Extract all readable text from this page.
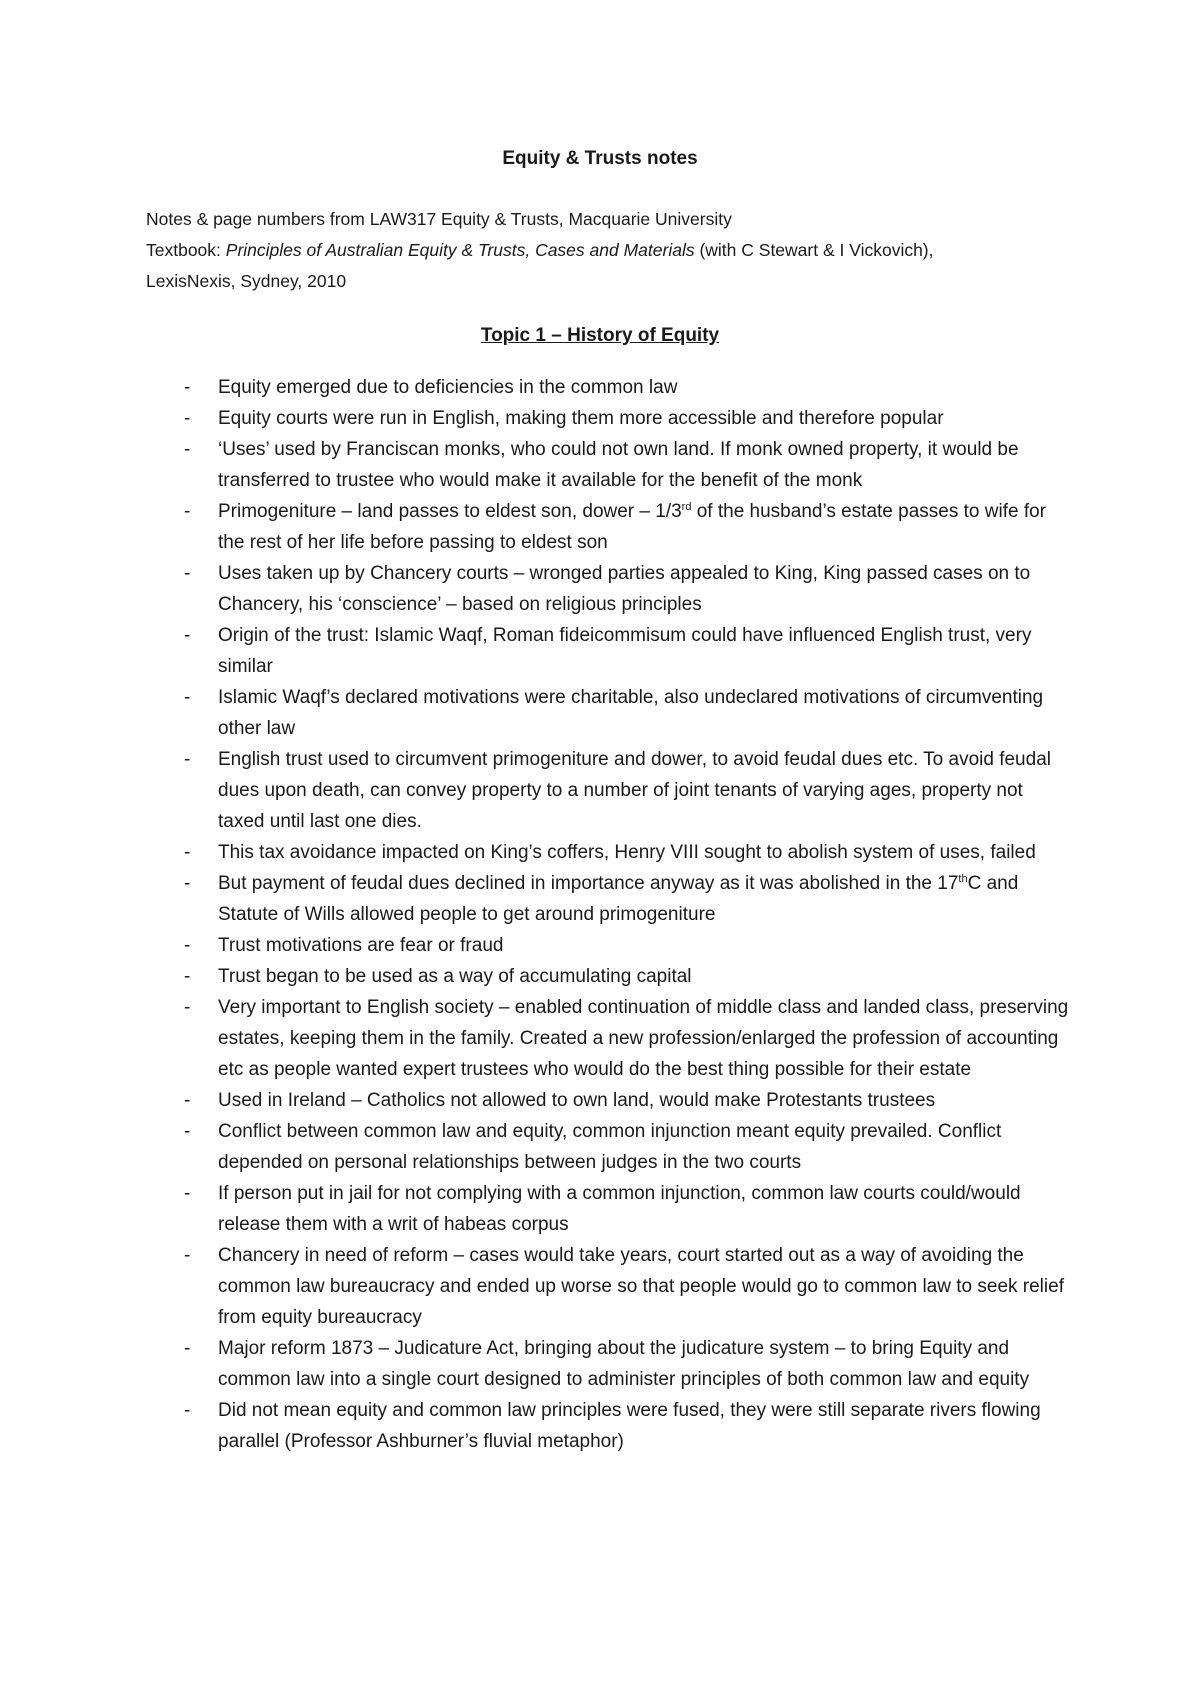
Equity & Trusts notes

Notes & page numbers from LAW317 Equity & Trusts, Macquarie University

Textbook: Principles of Australian Equity & Trusts, Cases and Materials (with C Stewart & I Vickovich),

LexisNexis, Sydney, 2010

Topic 1 – History of Equity
- Equity emerged due to deficiencies in the common law
- Equity courts were run in English, making them more accessible and therefore popular
- ‘Uses’ used by Franciscan monks, who could not own land. If monk owned property, it would be transferred to trustee who would make it available for the benefit of the monk
- Primogeniture – land passes to eldest son, dower – 1/3rd of the husband’s estate passes to wife for the rest of her life before passing to eldest son
- Uses taken up by Chancery courts – wronged parties appealed to King, King passed cases on to Chancery, his ‘conscience’ – based on religious principles
- Origin of the trust: Islamic Waqf, Roman fideicommisum could have influenced English trust, very similar
- Islamic Waqf’s declared motivations were charitable, also undeclared motivations of circumventing other law
- English trust used to circumvent primogeniture and dower, to avoid feudal dues etc. To avoid feudal dues upon death, can convey property to a number of joint tenants of varying ages, property not taxed until last one dies.
- This tax avoidance impacted on King’s coffers, Henry VIII sought to abolish system of uses, failed
- But payment of feudal dues declined in importance anyway as it was abolished in the 17thC and Statute of Wills allowed people to get around primogeniture
- Trust motivations are fear or fraud
- Trust began to be used as a way of accumulating capital
- Very important to English society – enabled continuation of middle class and landed class, preserving estates, keeping them in the family. Created a new profession/enlarged the profession of accounting etc as people wanted expert trustees who would do the best thing possible for their estate
- Used in Ireland – Catholics not allowed to own land, would make Protestants trustees
- Conflict between common law and equity, common injunction meant equity prevailed. Conflict depended on personal relationships between judges in the two courts
- If person put in jail for not complying with a common injunction, common law courts could/would release them with a writ of habeas corpus
- Chancery in need of reform – cases would take years, court started out as a way of avoiding the common law bureaucracy and ended up worse so that people would go to common law to seek relief from equity bureaucracy
- Major reform 1873 – Judicature Act, bringing about the judicature system – to bring Equity and common law into a single court designed to administer principles of both common law and equity
- Did not mean equity and common law principles were fused, they were still separate rivers flowing parallel (Professor Ashburner’s fluvial metaphor)
